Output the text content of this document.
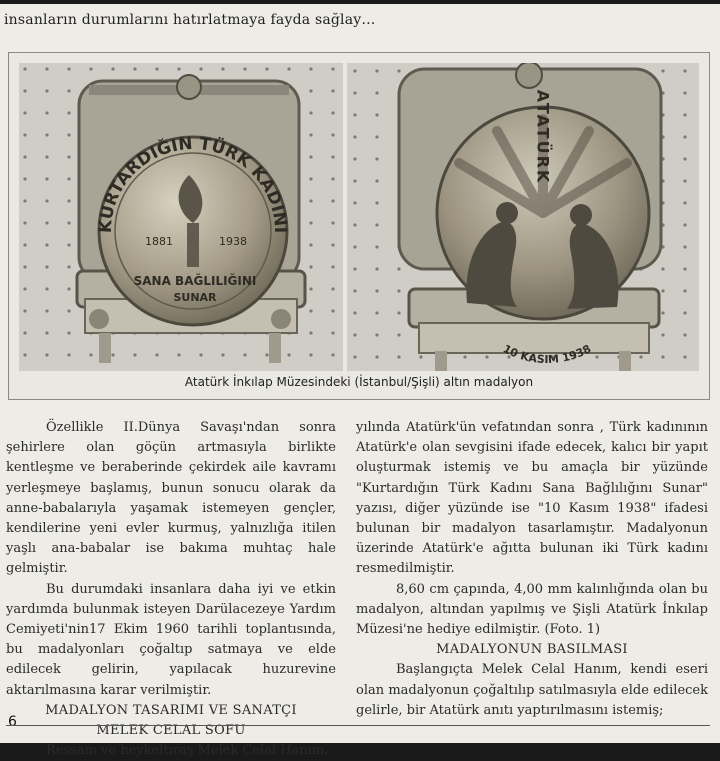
insanların durumlarını hatırlatmaya fayda sağlay…
KURTARDIĞIN TÜRK KADINI
1881	1938
SANA BAĞLILIĞINI
SUNAR
ATATÜRK
10 KASIM 1938
Atatürk İnkılap Müzesindeki (İstanbul/Şişli) altın madalyon

Özellikle II.Dünya Savaşı'ndan sonra şehirlere olan göçün artmasıyla birlikte kentleşme ve beraberinde çekirdek aile kavramı yerleşmeye başlamış, bunun sonucu olarak da anne-babalarıyla yaşamak istemeyen gençler, kendilerine yeni evler kurmuş, yalnızlığa itilen yaşlı ana-babalar ise bakıma muhtaç hale gelmiştir.

Bu durumdaki insanlara daha iyi ve etkin yardımda bulunmak isteyen Darülacezeye Yardım Cemiyeti'nin17 Ekim 1960 tarihli toplantısında, bu madalyonları çoğaltıp satmaya ve elde edilecek gelirin, yapılacak huzurevine aktarılmasına karar verilmiştir.

MADALYON TASARIMI VE SANATÇI

MELEK CELAL SOFU

Ressam ve heykeltıraş Melek Celal Hanım,

yılında Atatürk'ün vefatından sonra , Türk kadınının Atatürk'e olan sevgisini ifade edecek, kalıcı bir yapıt oluşturmak istemiş ve bu amaçla bir yüzünde "Kurtardığın Türk Kadını Sana Bağlılığını Sunar" yazısı, diğer yüzünde ise "10 Kasım 1938" ifadesi bulunan bir madalyon tasarlamıştır. Madalyonun üzerinde Atatürk'e ağıtta bulunan iki Türk kadını resmedilmiştir.

8,60 cm çapında, 4,00 mm kalınlığında olan bu madalyon, altından yapılmış ve Şişli Atatürk İnkılap Müzesi'ne hediye edilmiştir. (Foto. 1)

MADALYONUN BASILMASI

Başlangıçta Melek Celal Hanım, kendi eseri olan madalyonun çoğaltılıp satılmasıyla elde edilecek gelirle, bir Atatürk anıtı yaptırılmasını istemiş;

6
